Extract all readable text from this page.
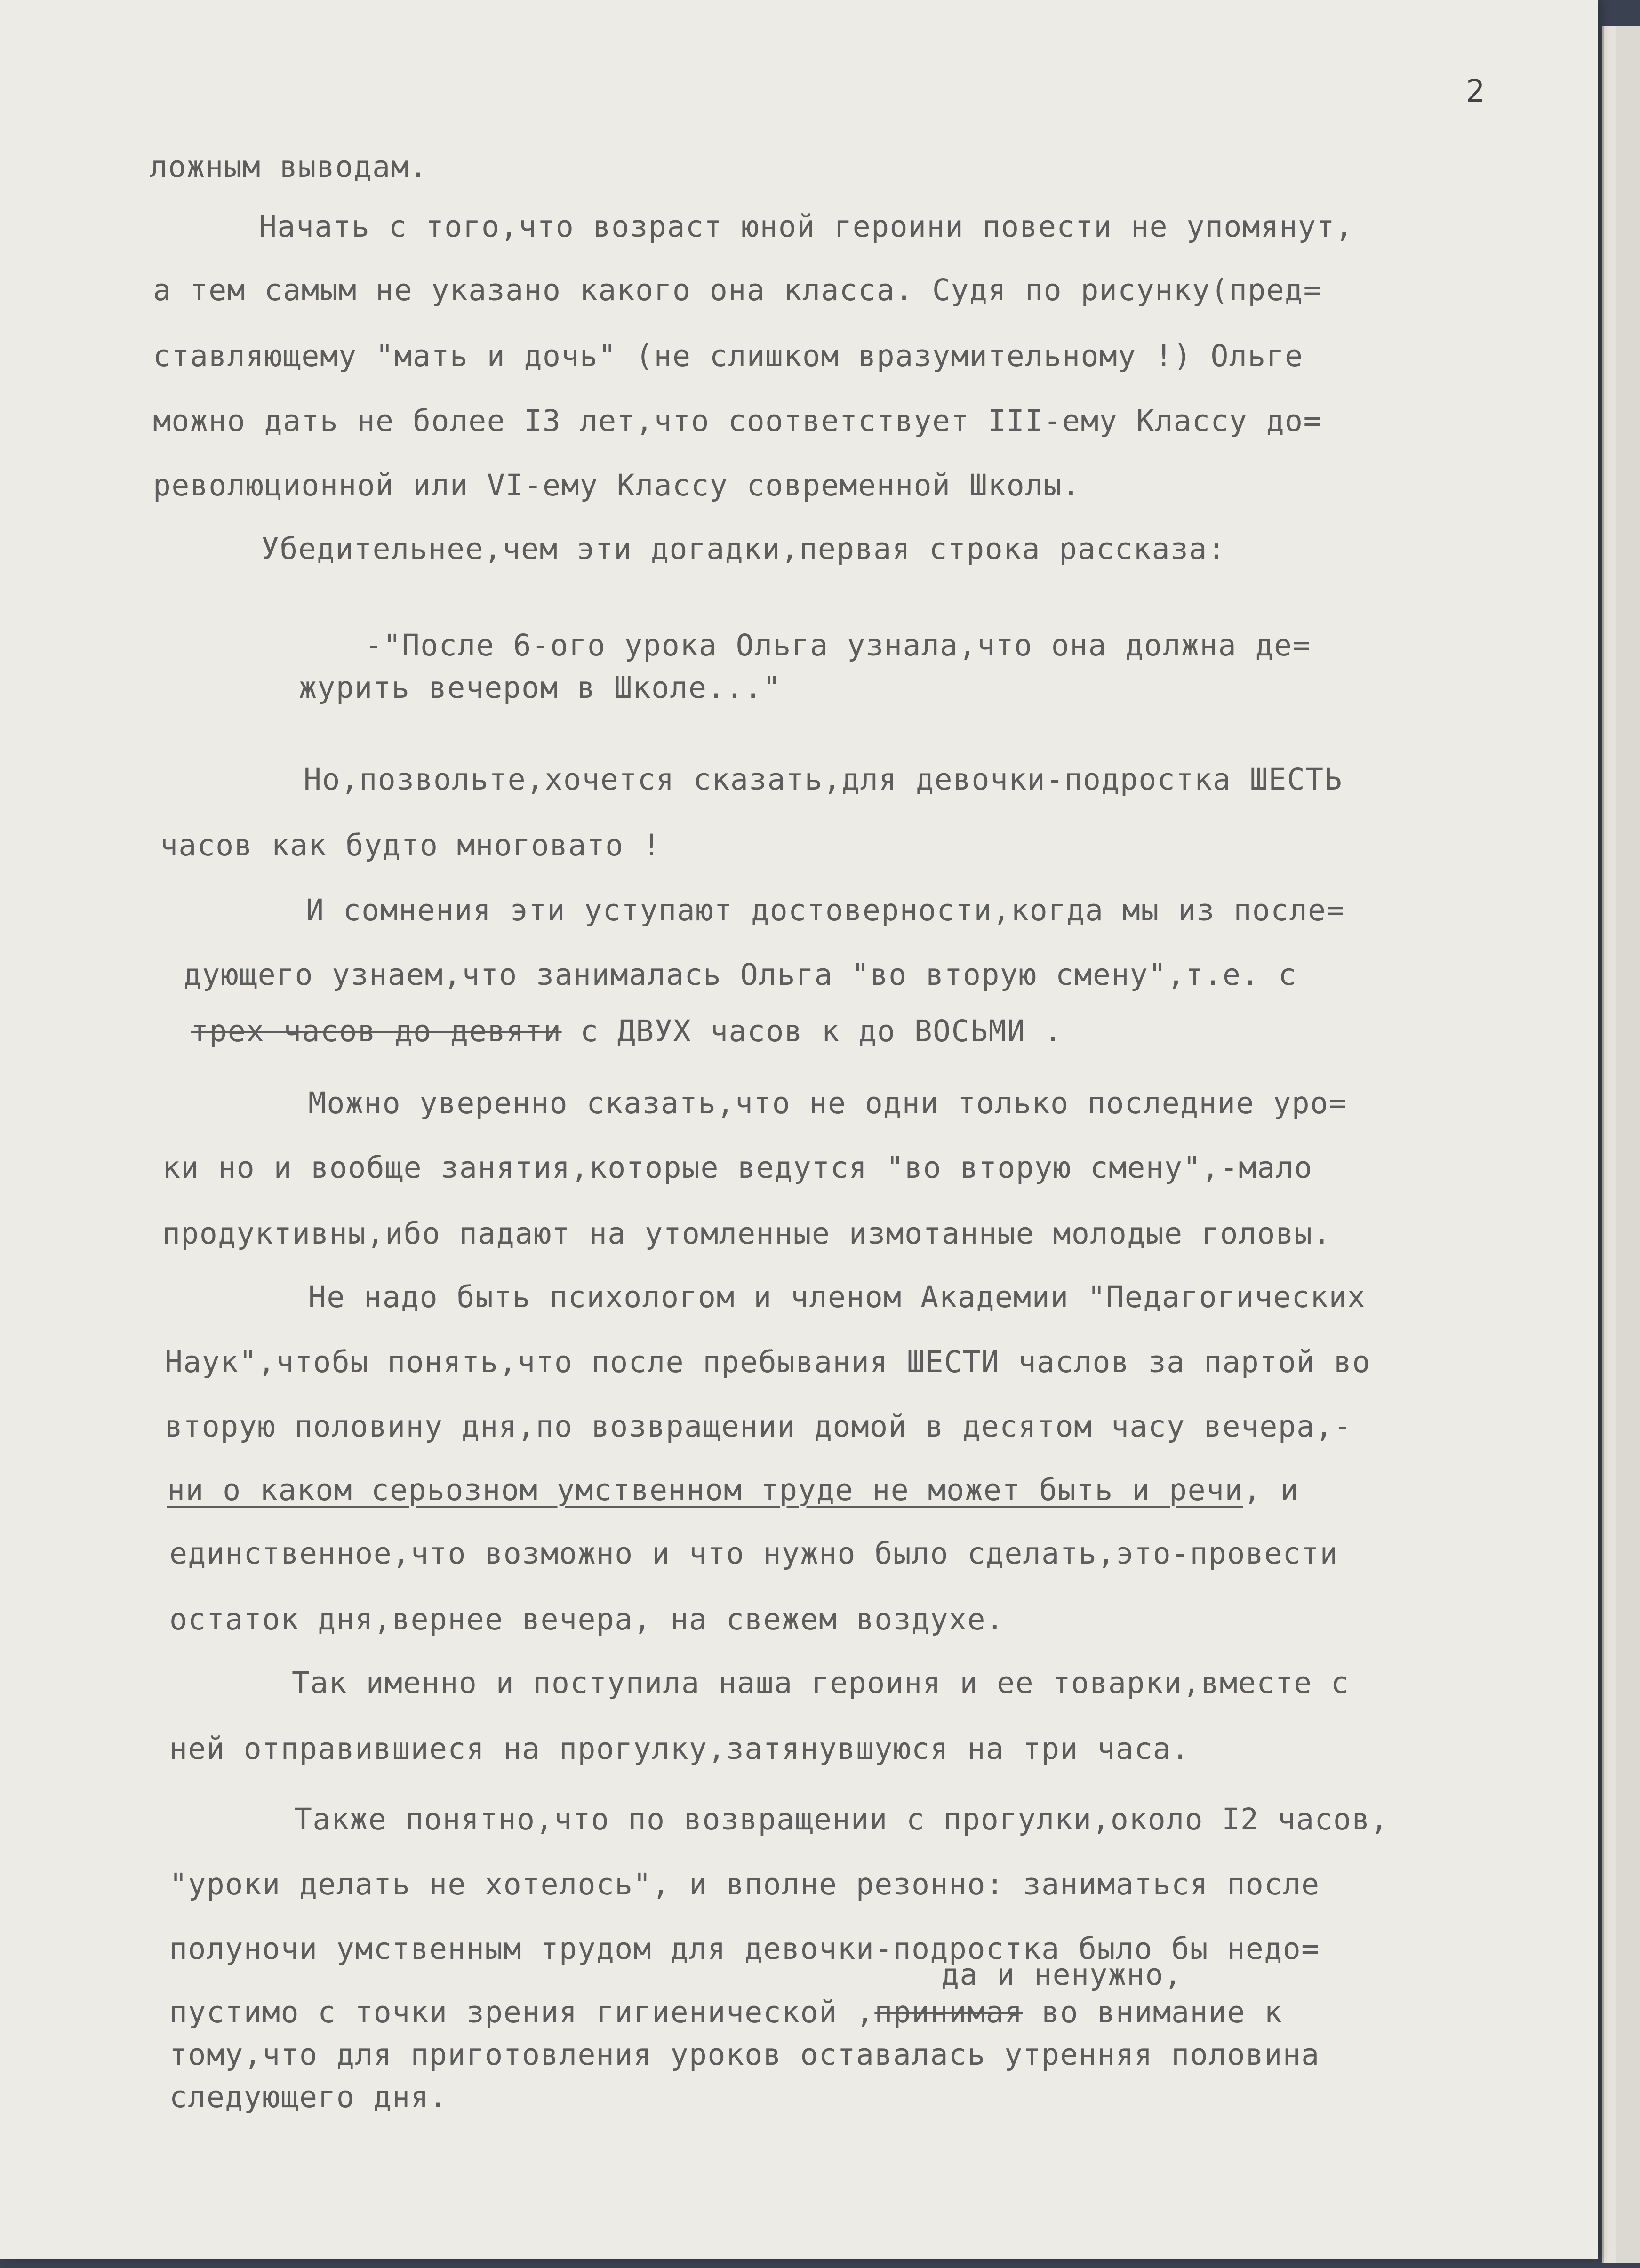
2
ложным выводам.
Начать с того,что возраст юной героини повести не упомянут,
а тем самым не указано какого она класса. Судя по рисунку(пред=
ставляющему "мать и дочь" (не слишком вразумительному !) Ольге
можно дать не более I3 лет,что соответствует III-ему Классу до=
революционной или VI-ему Классу современной Школы.
Убедительнее,чем эти догадки,первая строка рассказа:
-"После 6-ого урока Ольга узнала,что она должна де=
журить вечером в Школе..."
Но,позвольте,хочется сказать,для девочки-подростка ШЕСТЬ
часов как будто многовато !
И сомнения эти уступают достоверности,когда мы из после=
дующего узнаем,что занималась Ольга "во вторую смену",т.е. с
трех часов до девяти с ДВУХ часов к до ВОСЬМИ .
Можно уверенно сказать,что не одни только последние уро=
ки но и вообще занятия,которые ведутся "во вторую смену",-мало
продуктивны,ибо падают на утомленные измотанные молодые головы.
Не надо быть психологом и членом Академии "Педагогических
Наук",чтобы понять,что после пребывания ШЕСТИ часлов за партой во
вторую половину дня,по возвращении домой в десятом часу вечера,-
ни о каком серьозном умственном труде не может быть и речи, и
единственное,что возможно и что нужно было сделать,это-провести
остаток дня,вернее вечера, на свежем воздухе.
Так именно и поступила наша героиня и ее товарки,вместе с
ней отправившиеся на прогулку,затянувшуюся на три часа.
Также понятно,что по возвращении с прогулки,около I2 часов,
"уроки делать не хотелось", и вполне резонно: заниматься после
полуночи умственным трудом для девочки-подростка было бы недо=
да и ненужно,
пустимо с точки зрения гигиенической ,принимая во внимание к
тому,что для приготовления уроков оставалась утренняя половина
следующего дня.
